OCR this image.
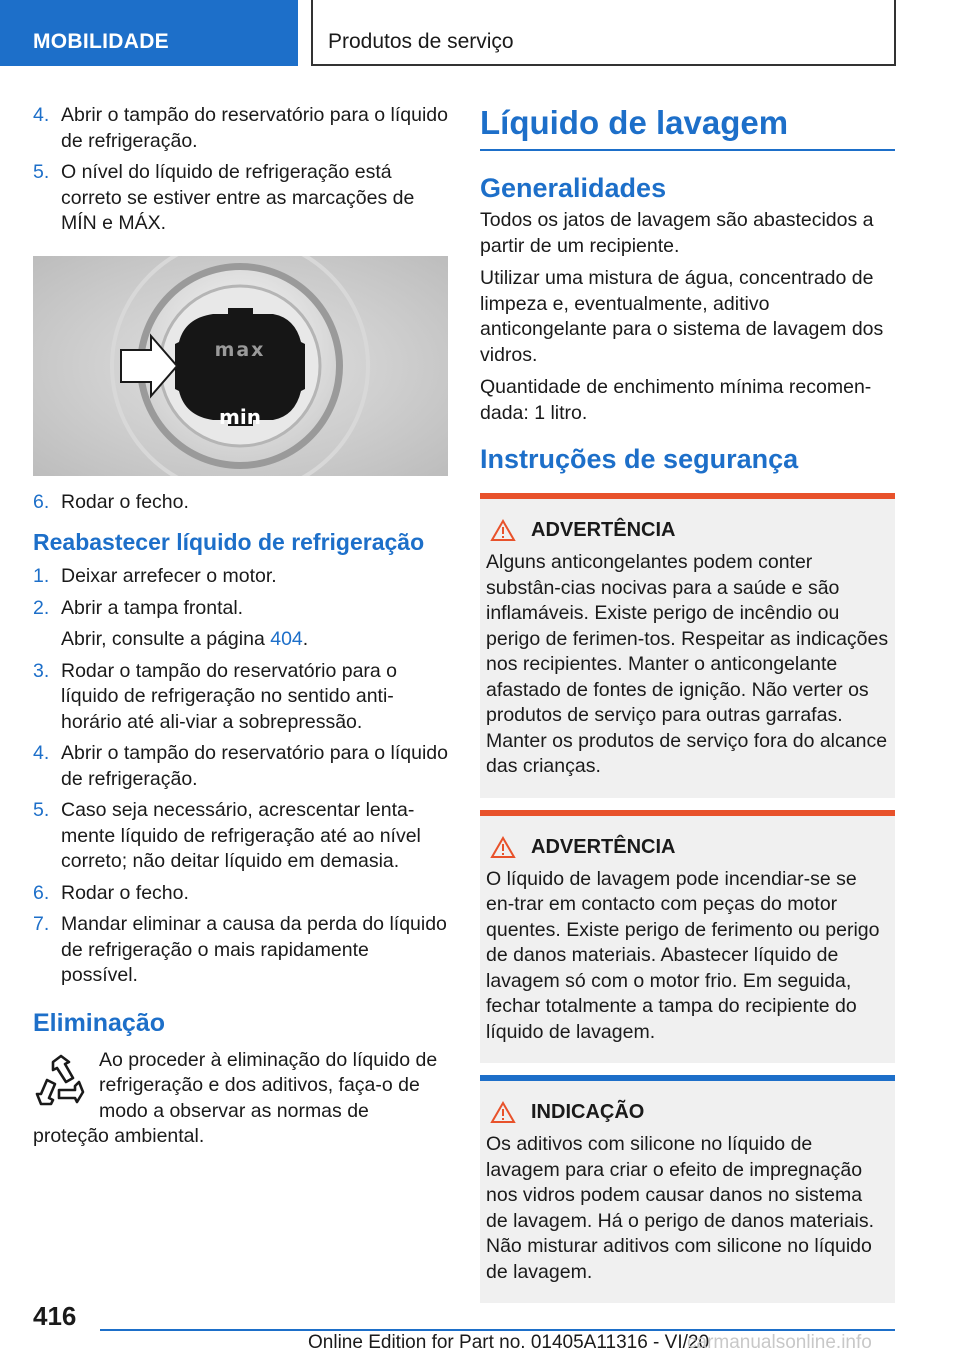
MOBILIDADE	Produtos de serviço
4. Abrir o tampão do reservatório para o líquido de refrigeração.
5. O nível do líquido de refrigeração está correto se estiver entre as marcações de MÍN e MÁX.
max
min
6. Rodar o fecho.
Reabastecer líquido de refrigeração
1. Deixar arrefecer o motor.
2. Abrir a tampa frontal.
Abrir, consulte a página 404.
3. Rodar o tampão do reservatório para o líquido de refrigeração no sentido anti-horário até ali-viar a sobrepressão.
4. Abrir o tampão do reservatório para o líquido de refrigeração.
5. Caso seja necessário, acrescentar lenta-mente líquido de refrigeração até ao nível correto; não deitar líquido em demasia.
6. Rodar o fecho.
7. Mandar eliminar a causa da perda do líquido de refrigeração o mais rapidamente possível.
Eliminação
Ao proceder à eliminação do líquido de refrigeração e dos aditivos, faça-o de modo a observar as normas de proteção ambiental.
Líquido de lavagem
Generalidades
Todos os jatos de lavagem são abastecidos a partir de um recipiente.
Utilizar uma mistura de água, concentrado de limpeza e, eventualmente, aditivo anticongelante para o sistema de lavagem dos vidros.
Quantidade de enchimento mínima recomen-dada: 1 litro.
Instruções de segurança
ADVERTÊNCIA
Alguns anticongelantes podem conter substân-cias nocivas para a saúde e são inflamáveis. Existe perigo de incêndio ou perigo de ferimen-tos. Respeitar as indicações nos recipientes. Manter o anticongelante afastado de fontes de ignição. Não verter os produtos de serviço para outras garrafas. Manter os produtos de serviço fora do alcance das crianças.
ADVERTÊNCIA
O líquido de lavagem pode incendiar-se se en-trar em contacto com peças do motor quentes. Existe perigo de ferimento ou perigo de danos materiais. Abastecer líquido de lavagem só com o motor frio. Em seguida, fechar totalmente a tampa do recipiente do líquido de lavagem.
INDICAÇÃO
Os aditivos com silicone no líquido de lavagem para criar o efeito de impregnação nos vidros podem causar danos no sistema de lavagem. Há o perigo de danos materiais. Não misturar aditivos com silicone no líquido de lavagem.
416
Online Edition for Part no. 01405A11316 - VI/20
carmanualsonline.info
